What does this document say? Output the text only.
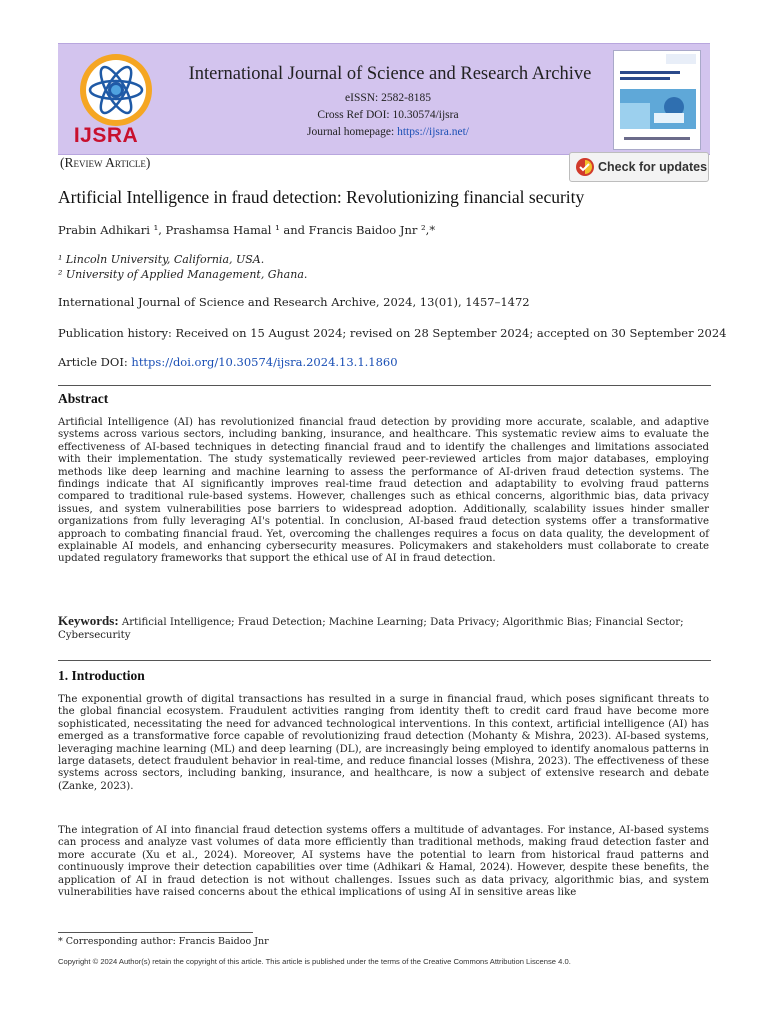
IJSRA
International Journal of Science and Research Archive
eISSN: 2582-8185
Cross Ref DOI: 10.30574/ijsra
Journal homepage: https://ijsra.net/
(Review Article)	Check for updates
Artificial Intelligence in fraud detection: Revolutionizing financial security
Prabin Adhikari ¹, Prashamsa Hamal ¹ and Francis Baidoo Jnr ²,*
¹ Lincoln University, California, USA.
² University of Applied Management, Ghana.
International Journal of Science and Research Archive, 2024, 13(01), 1457–1472
Publication history: Received on 15 August 2024; revised on 28 September 2024; accepted on 30 September 2024
Article DOI: https://doi.org/10.30574/ijsra.2024.13.1.1860
Abstract
Artificial Intelligence (AI) has revolutionized financial fraud detection by providing more accurate, scalable, and adaptive systems across various sectors, including banking, insurance, and healthcare. This systematic review aims to evaluate the effectiveness of AI-based techniques in detecting financial fraud and to identify the challenges and limitations associated with their implementation. The study systematically reviewed peer-reviewed articles from major databases, employing methods like deep learning and machine learning to assess the performance of AI-driven fraud detection systems. The findings indicate that AI significantly improves real-time fraud detection and adaptability to evolving fraud patterns compared to traditional rule-based systems. However, challenges such as ethical concerns, algorithmic bias, data privacy issues, and system vulnerabilities pose barriers to widespread adoption. Additionally, scalability issues hinder smaller organizations from fully leveraging AI's potential. In conclusion, AI-based fraud detection systems offer a transformative approach to combating financial fraud. Yet, overcoming the challenges requires a focus on data quality, the development of explainable AI models, and enhancing cybersecurity measures. Policymakers and stakeholders must collaborate to create updated regulatory frameworks that support the ethical use of AI in fraud detection.
Keywords: Artificial Intelligence; Fraud Detection; Machine Learning; Data Privacy; Algorithmic Bias; Financial Sector; Cybersecurity
1. Introduction
The exponential growth of digital transactions has resulted in a surge in financial fraud, which poses significant threats to the global financial ecosystem. Fraudulent activities ranging from identity theft to credit card fraud have become more sophisticated, necessitating the need for advanced technological interventions. In this context, artificial intelligence (AI) has emerged as a transformative force capable of revolutionizing fraud detection (Mohanty & Mishra, 2023). AI-based systems, leveraging machine learning (ML) and deep learning (DL), are increasingly being employed to identify anomalous patterns in large datasets, detect fraudulent behavior in real-time, and reduce financial losses (Mishra, 2023). The effectiveness of these systems across sectors, including banking, insurance, and healthcare, is now a subject of extensive research and debate (Zanke, 2023).
The integration of AI into financial fraud detection systems offers a multitude of advantages. For instance, AI-based systems can process and analyze vast volumes of data more efficiently than traditional methods, making fraud detection faster and more accurate (Xu et al., 2024). Moreover, AI systems have the potential to learn from historical fraud patterns and continuously improve their detection capabilities over time (Adhikari & Hamal, 2024). However, despite these benefits, the application of AI in fraud detection is not without challenges. Issues such as data privacy, algorithmic bias, and system vulnerabilities have raised concerns about the ethical implications of using AI in sensitive areas like
* Corresponding author: Francis Baidoo Jnr
Copyright © 2024 Author(s) retain the copyright of this article. This article is published under the terms of the Creative Commons Attribution Liscense 4.0.
